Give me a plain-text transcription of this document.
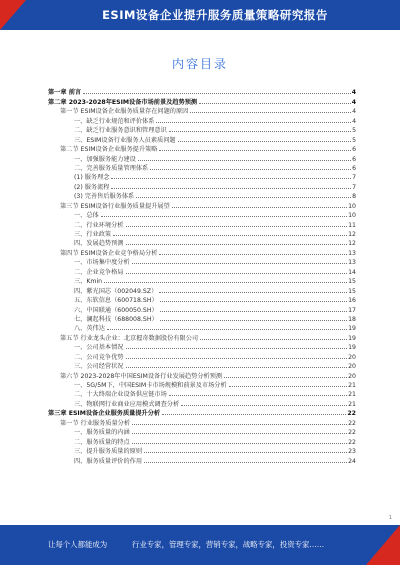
ESIM设备企业提升服务质量策略研究报告
内容目录
第一章 前言	4
第二章 2023-2028年ESIM设备市场前景及趋势预测	4
第一节 ESIM设备企业服务质量存在问题的原因	4
一、缺乏行业规范和评价体系	4
二、缺乏行业服务意识和管理意识	5
三、ESIM设备行业服务人员素质问题	5
第二节 ESIM设备企业服务提升策略	6
一、加强服务能力建设	6
二、完善服务质量管理体系	6
(1) 服务理念	7
(2) 服务流程	7
(3) 完善售后服务体系	8
第三节 ESIM设备行业服务质量提升展望	10
一、总体	10
二、行业环境分析	11
三、行业政策	12
四、发展趋势预测	12
第四节 ESIM设备企业竞争格局分析	13
一、市场集中度分析	13
二、企业竞争格局	14
三、Kmin	15
四、紫光国芯（002049.SZ）	15
五、东软信息（600718.SH）	16
六、中国联通（600050.SH）	17
七、澜起科技（688008.SH）	18
八、英伟达	19
第五节 行业龙头企业：北京握奇数据股份有限公司	19
一、公司基本情况	19
二、公司竞争优势	20
三、公司经营状况	20
第六节 2023-2028年中国ESIM设备行业发展趋势分析预测	20
一、5G/5M下，中国ESIM卡市场规模和前景及市场分析	21
二、十大终端企业设备供应链市场	21
三、物联网行业商业应用模式调查分析	21
第三章 ESIM设备企业服务质量提升分析	22
第一节 行业服务质量分析	22
一、服务质量的内涵	22
二、服务质量的特点	22
三、提升服务质量的原则	23
四、服务质量评价的作用	24
1
让每个人都能成为	行业专家，管理专家，营销专家，战略专家，投资专家……
